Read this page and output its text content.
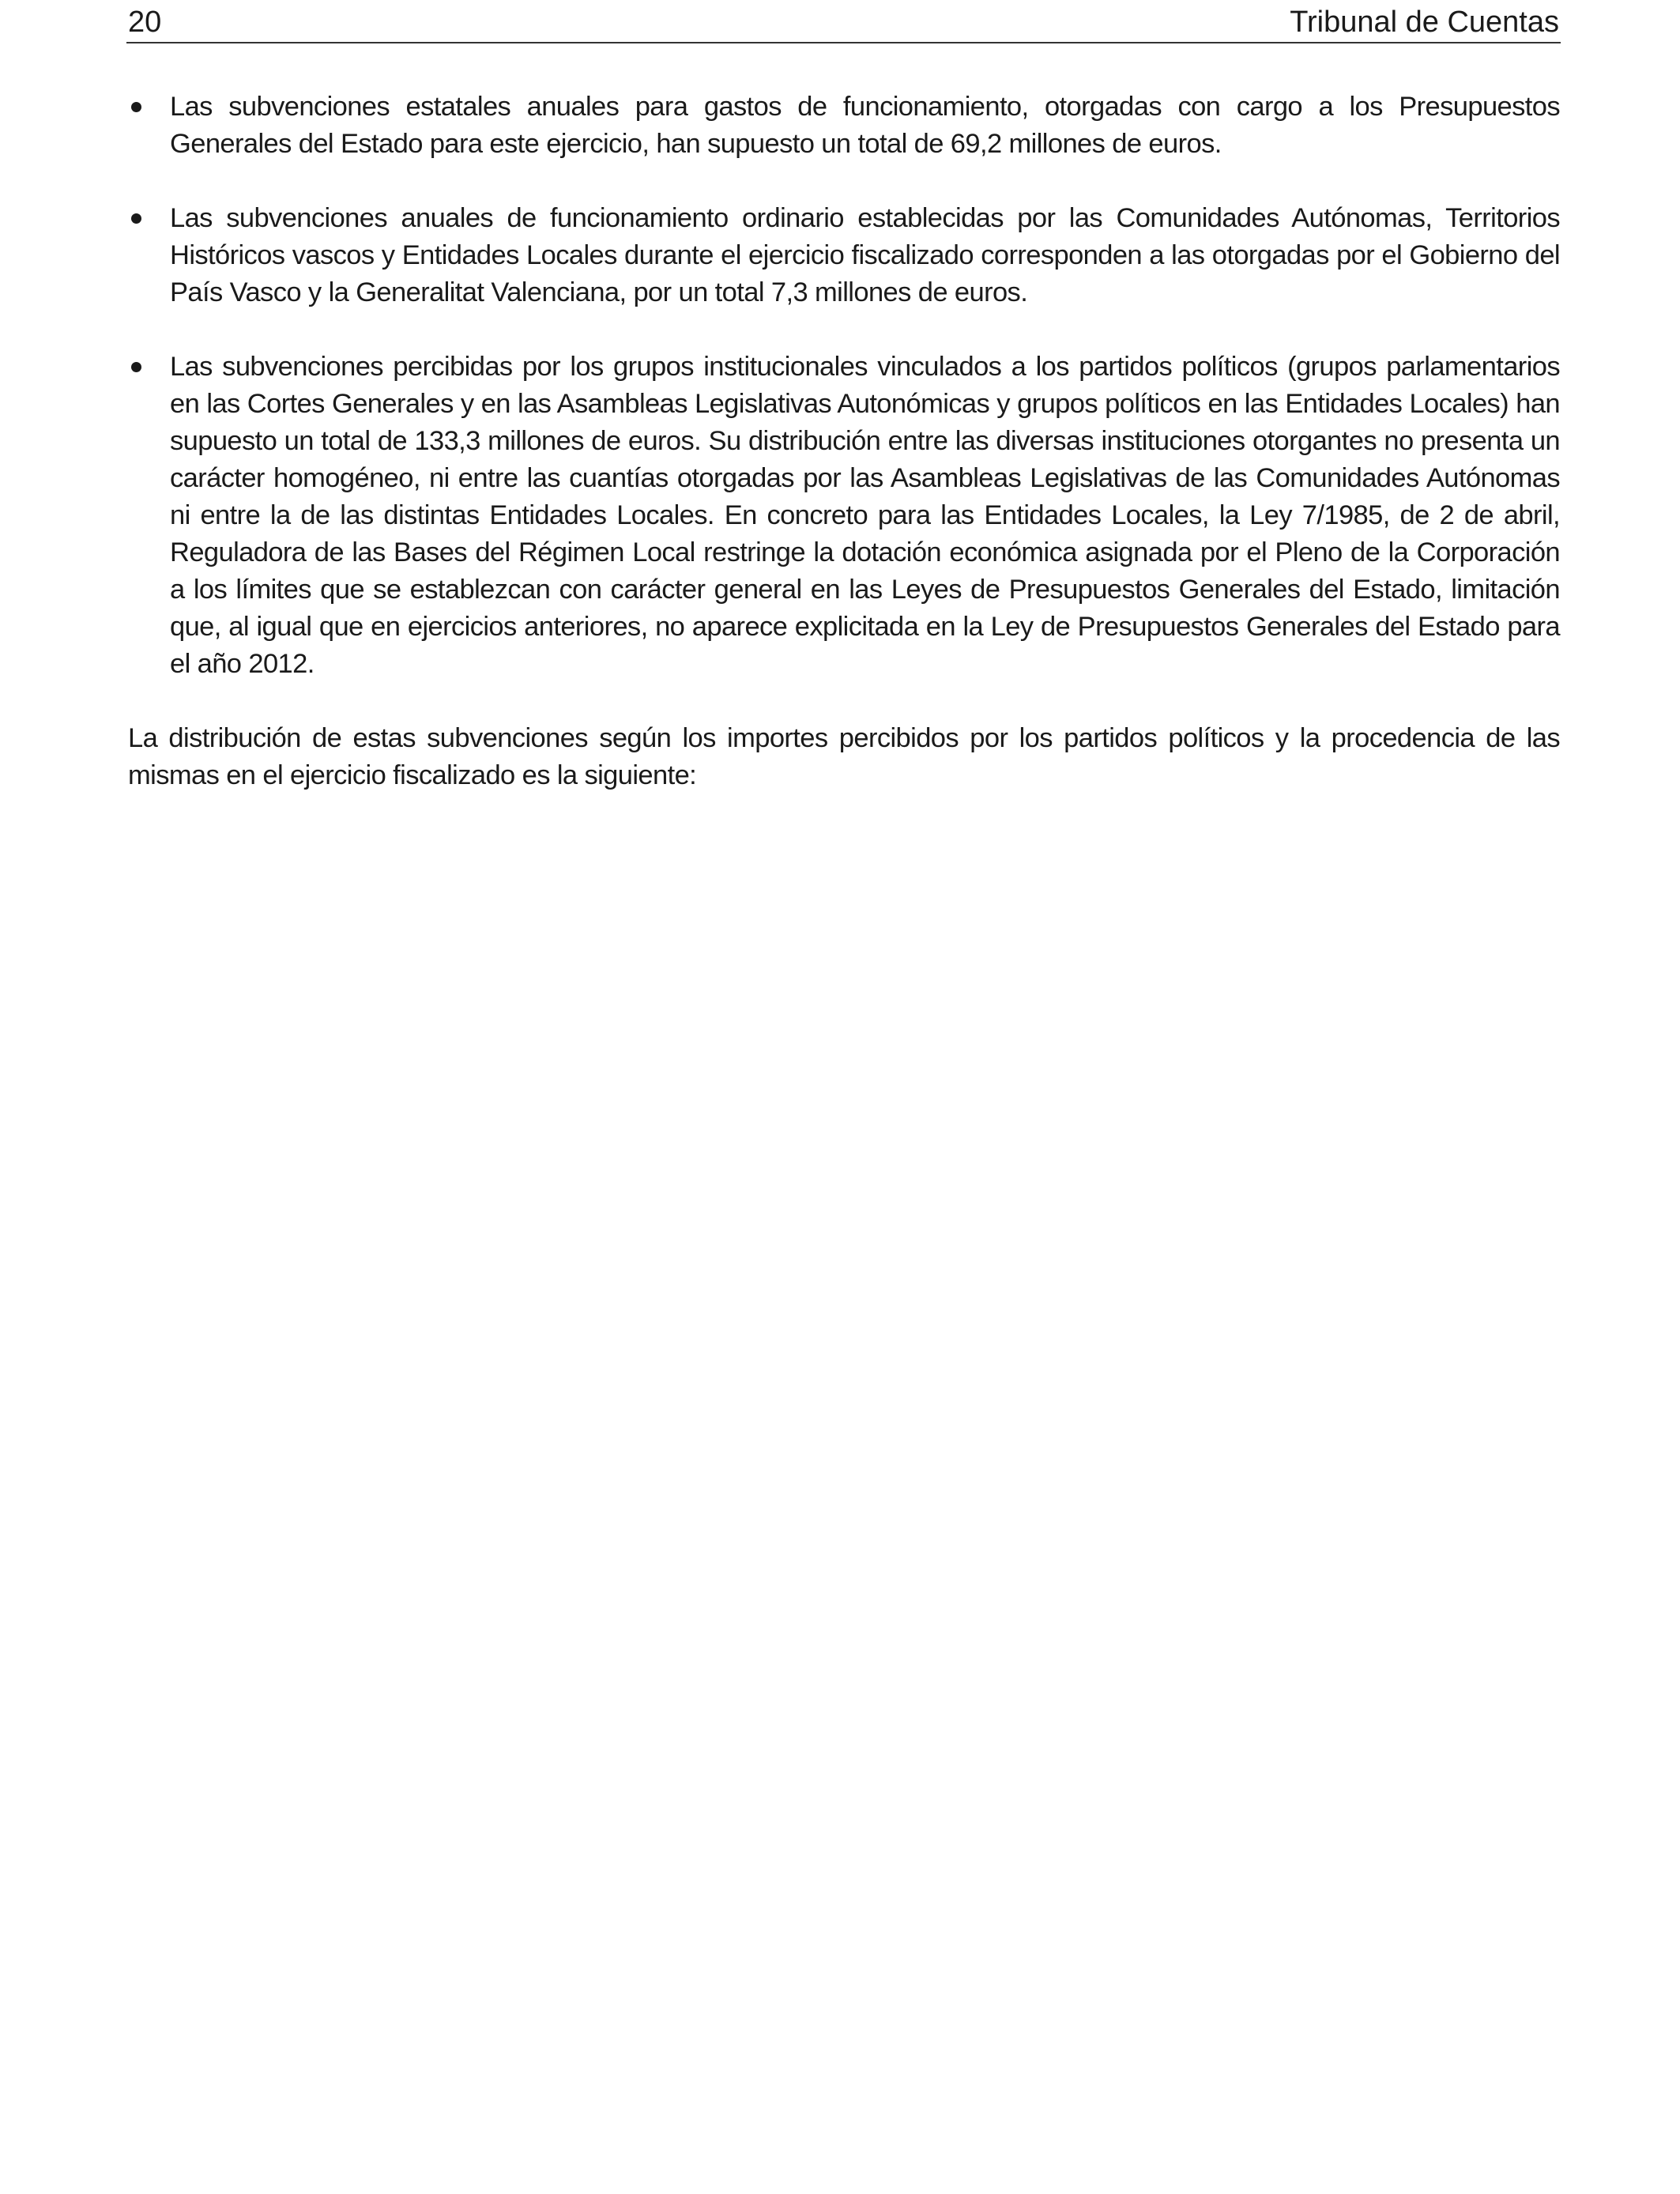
20	Tribunal de Cuentas
Las subvenciones estatales anuales para gastos de funcionamiento, otorgadas con cargo a los Presupuestos Generales del Estado para este ejercicio, han supuesto un total de 69,2 millones de euros.
Las subvenciones anuales de funcionamiento ordinario establecidas por las Comunidades Autónomas, Territorios Históricos vascos y Entidades Locales durante el ejercicio fiscalizado corresponden a las otorgadas por el Gobierno del País Vasco y la Generalitat Valenciana, por un total 7,3 millones de euros.
Las subvenciones percibidas por los grupos institucionales vinculados a los partidos políticos (grupos parlamentarios en las Cortes Generales y en las Asambleas Legislativas Autonómicas y grupos políticos en las Entidades Locales) han supuesto un total de 133,3 millones de euros. Su distribución entre las diversas instituciones otorgantes no presenta un carácter homogéneo, ni entre las cuantías otorgadas por las Asambleas Legislativas de las Comunidades Autónomas ni entre la de las distintas Entidades Locales. En concreto para las Entidades Locales, la Ley 7/1985, de 2 de abril, Reguladora de las Bases del Régimen Local restringe la dotación económica asignada por el Pleno de la Corporación a los límites que se establezcan con carácter general en las Leyes de Presupuestos Generales del Estado, limitación que, al igual que en ejercicios anteriores, no aparece explicitada en la Ley de Presupuestos Generales del Estado para el año 2012.

La distribución de estas subvenciones según los importes percibidos por los partidos políticos y la procedencia de las mismas en el ejercicio fiscalizado es la siguiente:
